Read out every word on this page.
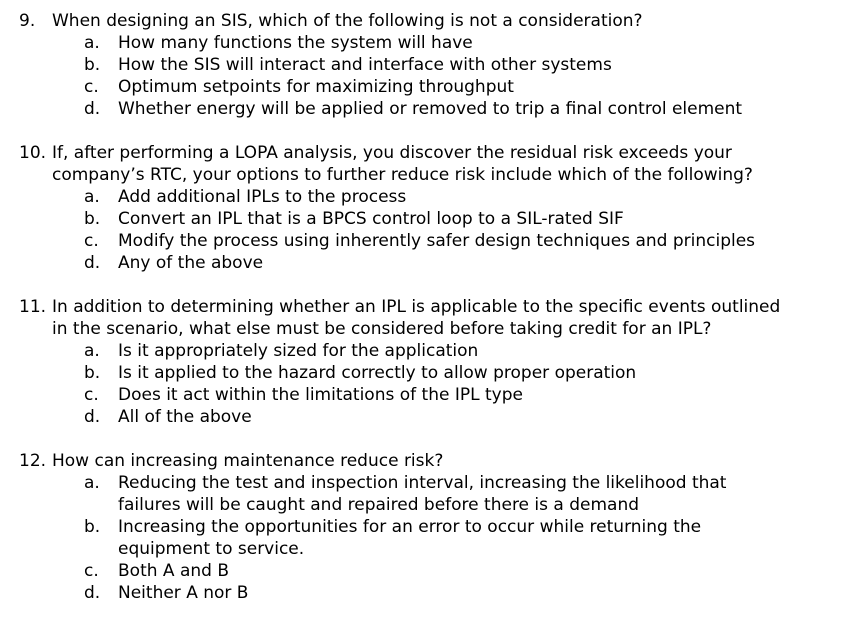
9. When designing an SIS, which of the following is not a consideration?
a. How many functions the system will have
b. How the SIS will interact and interface with other systems
c. Optimum setpoints for maximizing throughput
d. Whether energy will be applied or removed to trip a final control element
10. If, after performing a LOPA analysis, you discover the residual risk exceeds your
company’s RTC, your options to further reduce risk include which of the following?
a. Add additional IPLs to the process
b. Convert an IPL that is a BPCS control loop to a SIL-rated SIF
c. Modify the process using inherently safer design techniques and principles
d. Any of the above
11. In addition to determining whether an IPL is applicable to the specific events outlined
in the scenario, what else must be considered before taking credit for an IPL?
a. Is it appropriately sized for the application
b. Is it applied to the hazard correctly to allow proper operation
c. Does it act within the limitations of the IPL type
d. All of the above
12. How can increasing maintenance reduce risk?
a. Reducing the test and inspection interval, increasing the likelihood that
failures will be caught and repaired before there is a demand
b. Increasing the opportunities for an error to occur while returning the
equipment to service.
c. Both A and B
d. Neither A nor B
